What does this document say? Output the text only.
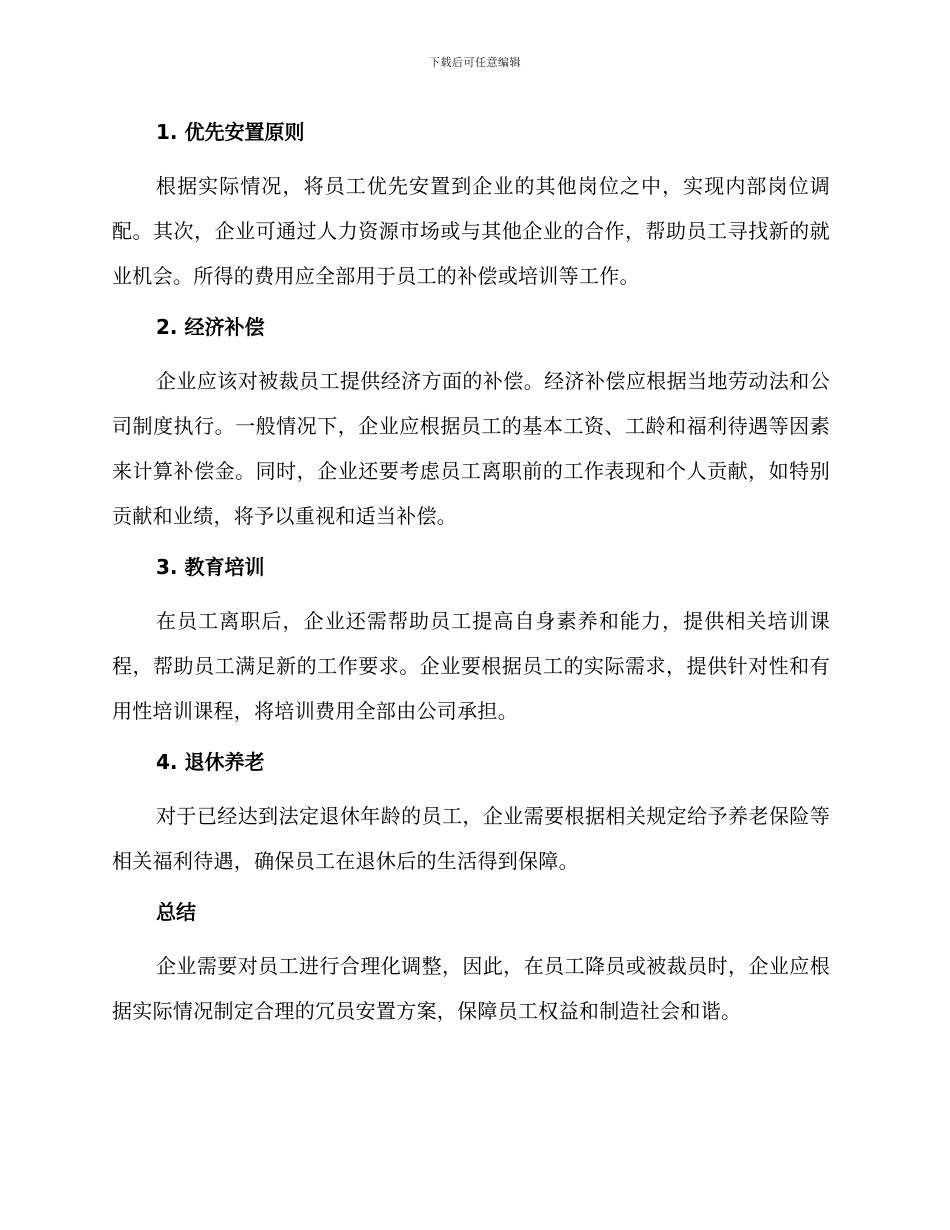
下载后可任意编辑
1. 优先安置原则

根据实际情况，将员工优先安置到企业的其他岗位之中，实现内部岗位调配。其次，企业可通过人力资源市场或与其他企业的合作，帮助员工寻找新的就业机会。所得的费用应全部用于员工的补偿或培训等工作。

2. 经济补偿

企业应该对被裁员工提供经济方面的补偿。经济补偿应根据当地劳动法和公司制度执行。一般情况下，企业应根据员工的基本工资、工龄和福利待遇等因素来计算补偿金。同时，企业还要考虑员工离职前的工作表现和个人贡献，如特别贡献和业绩，将予以重视和适当补偿。

3. 教育培训

在员工离职后，企业还需帮助员工提高自身素养和能力，提供相关培训课程，帮助员工满足新的工作要求。企业要根据员工的实际需求，提供针对性和有用性培训课程，将培训费用全部由公司承担。

4. 退休养老

对于已经达到法定退休年龄的员工，企业需要根据相关规定给予养老保险等相关福利待遇，确保员工在退休后的生活得到保障。

总结

企业需要对员工进行合理化调整，因此，在员工降员或被裁员时，企业应根据实际情况制定合理的冗员安置方案，保障员工权益和制造社会和谐。
